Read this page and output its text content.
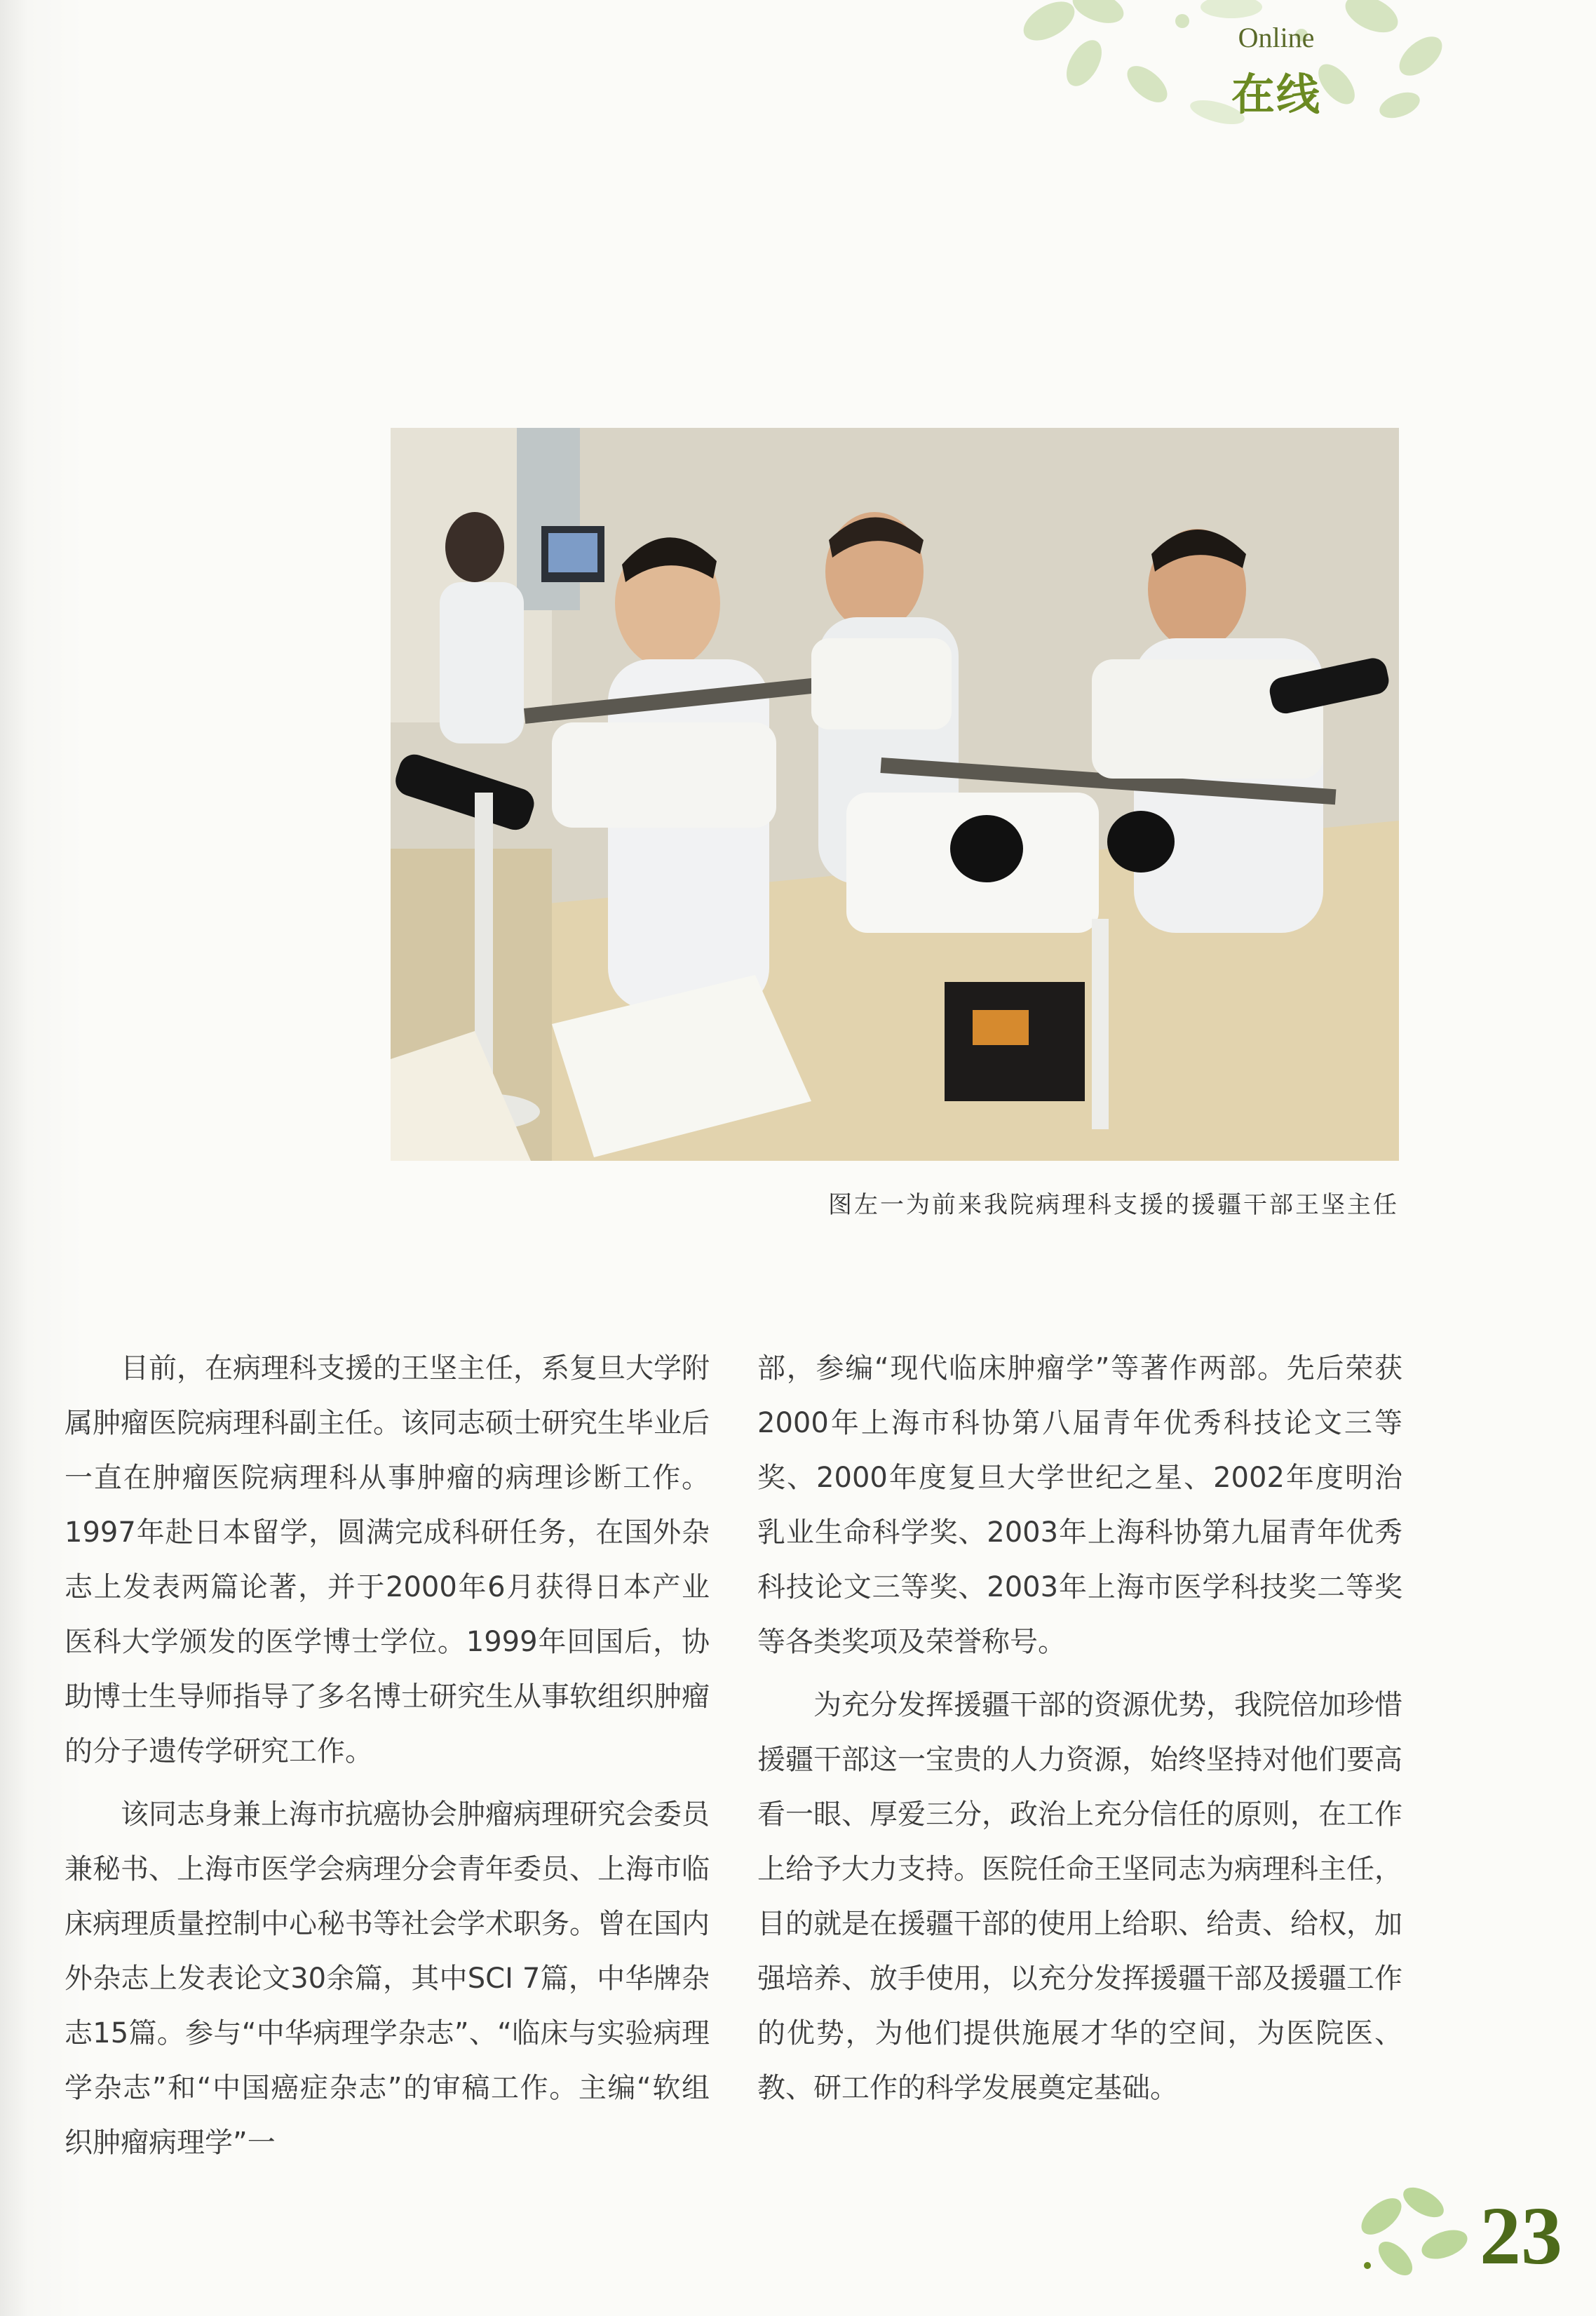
Online
在线
图左一为前来我院病理科支援的援疆干部王坚主任

目前，在病理科支援的王坚主任，系复旦大学附属肿瘤医院病理科副主任。该同志硕士研究生毕业后一直在肿瘤医院病理科从事肿瘤的病理诊断工作。1997年赴日本留学，圆满完成科研任务，在国外杂志上发表两篇论著，并于2000年6月获得日本产业医科大学颁发的医学博士学位。1999年回国后，协助博士生导师指导了多名博士研究生从事软组织肿瘤的分子遗传学研究工作。

该同志身兼上海市抗癌协会肿瘤病理研究会委员兼秘书、上海市医学会病理分会青年委员、上海市临床病理质量控制中心秘书等社会学术职务。曾在国内外杂志上发表论文30余篇，其中SCI 7篇，中华牌杂志15篇。参与“中华病理学杂志”、“临床与实验病理学杂志”和“中国癌症杂志”的审稿工作。主编“软组织肿瘤病理学”一

部，参编“现代临床肿瘤学”等著作两部。先后荣获2000年上海市科协第八届青年优秀科技论文三等奖、2000年度复旦大学世纪之星、2002年度明治乳业生命科学奖、2003年上海科协第九届青年优秀科技论文三等奖、2003年上海市医学科技奖二等奖等各类奖项及荣誉称号。

为充分发挥援疆干部的资源优势，我院倍加珍惜援疆干部这一宝贵的人力资源，始终坚持对他们要高看一眼、厚爱三分，政治上充分信任的原则，在工作上给予大力支持。医院任命王坚同志为病理科主任，目的就是在援疆干部的使用上给职、给责、给权，加强培养、放手使用，以充分发挥援疆干部及援疆工作的优势，为他们提供施展才华的空间，为医院医、教、研工作的科学发展奠定基础。

23
